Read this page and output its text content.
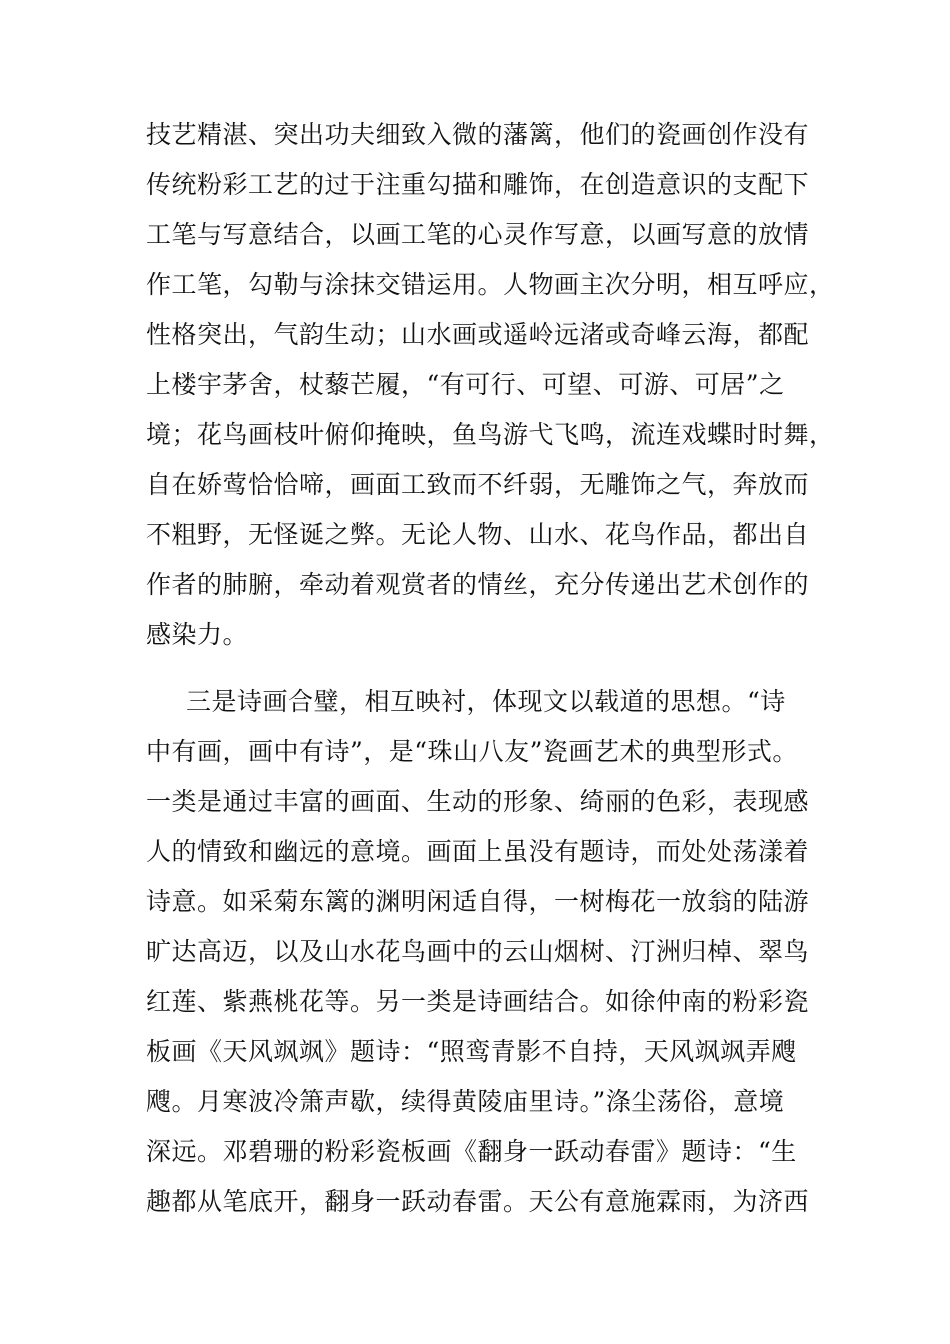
技艺精湛、突出功夫细致入微的藩篱，他们的瓷画创作没有
传统粉彩工艺的过于注重勾描和雕饰，在创造意识的支配下
工笔与写意结合，以画工笔的心灵作写意，以画写意的放情
作工笔，勾勒与涂抹交错运用。人物画主次分明，相互呼应，
性格突出，气韵生动；山水画或遥岭远渚或奇峰云海，都配
上楼宇茅舍，杖藜芒履，“有可行、可望、可游、可居”之
境；花鸟画枝叶俯仰掩映，鱼鸟游弋飞鸣，流连戏蝶时时舞，
自在娇莺恰恰啼，画面工致而不纤弱，无雕饰之气，奔放而
不粗野，无怪诞之弊。无论人物、山水、花鸟作品，都出自
作者的肺腑，牵动着观赏者的情丝，充分传递出艺术创作的
感染力。
三是诗画合璧，相互映衬，体现文以载道的思想。“诗
中有画，画中有诗”，是“珠山八友”瓷画艺术的典型形式。
一类是通过丰富的画面、生动的形象、绮丽的色彩，表现感
人的情致和幽远的意境。画面上虽没有题诗，而处处荡漾着
诗意。如采菊东篱的渊明闲适自得，一树梅花一放翁的陆游
旷达高迈，以及山水花鸟画中的云山烟树、汀洲归棹、翠鸟
红莲、紫燕桃花等。另一类是诗画结合。如徐仲南的粉彩瓷
板画《天风飒飒》题诗：“照鸾青影不自持，天风飒飒弄飕
飕。月寒波冷箫声歇，续得黄陵庙里诗。”涤尘荡俗，意境
深远。邓碧珊的粉彩瓷板画《翻身一跃动春雷》题诗：“生
趣都从笔底开，翻身一跃动春雷。天公有意施霖雨，为济西
